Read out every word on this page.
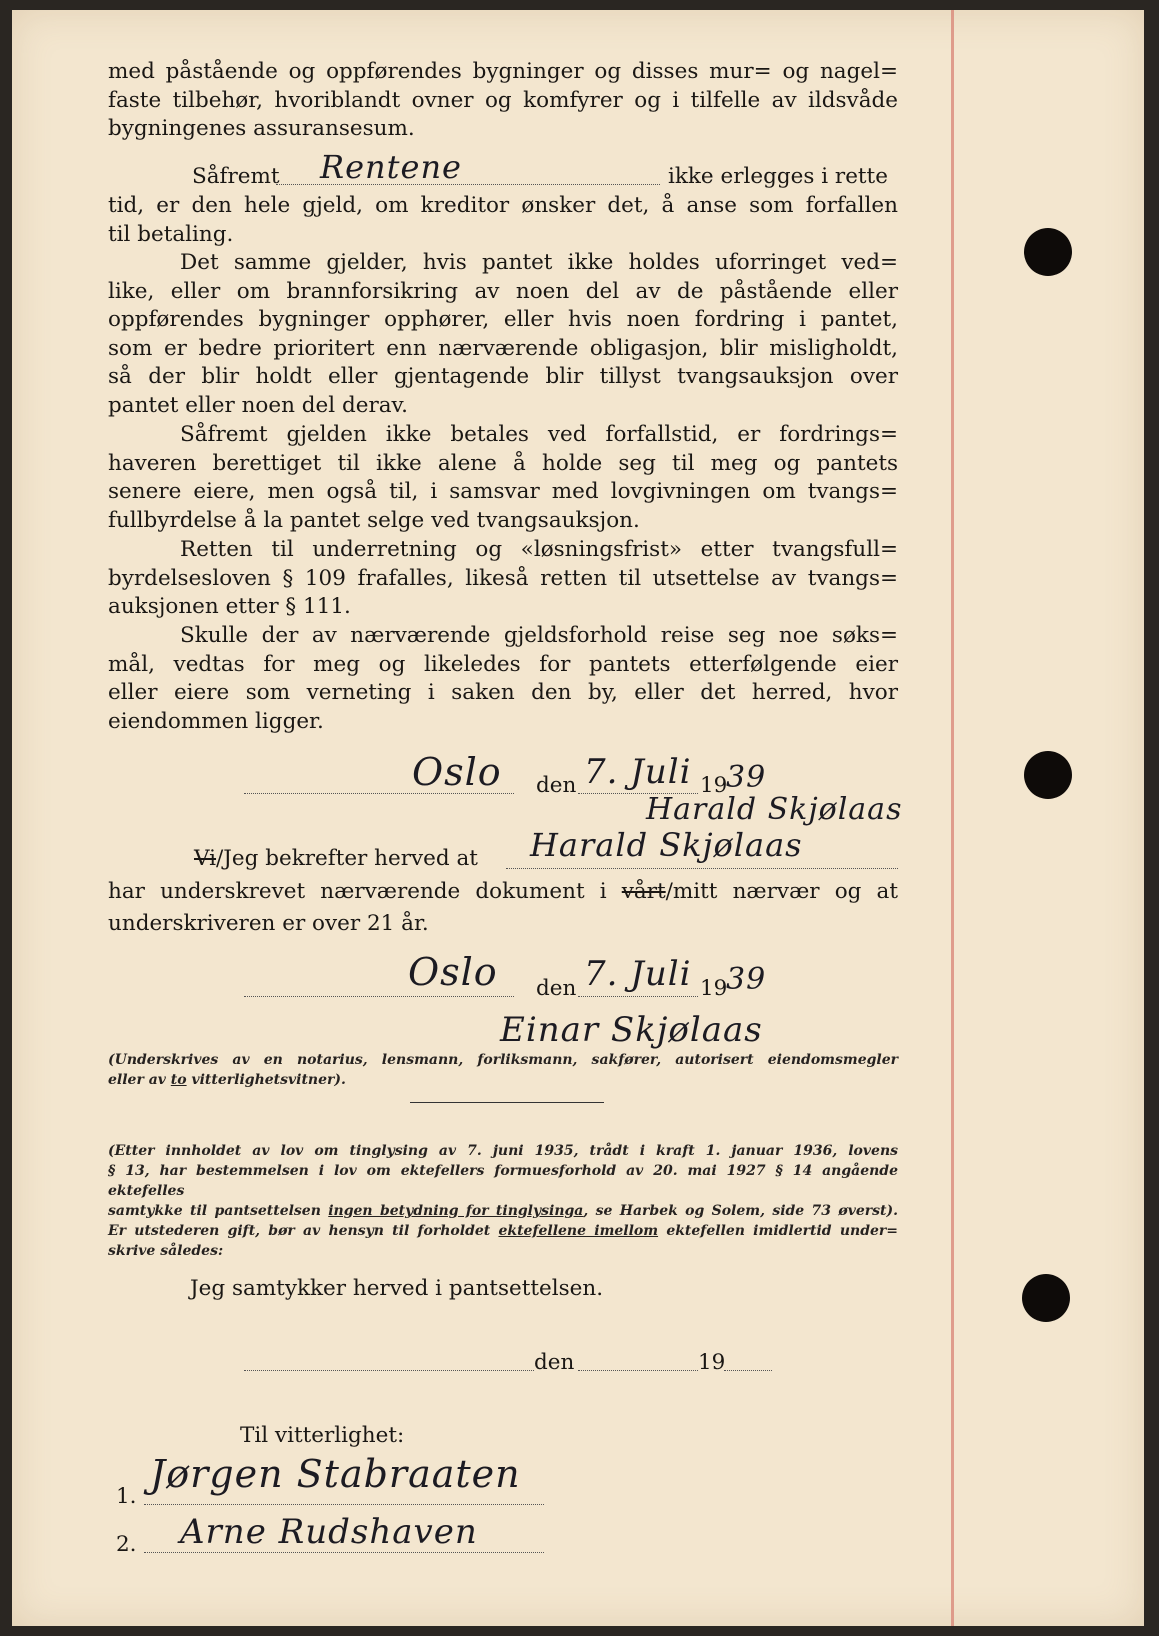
med påstående og oppførendes bygninger og disses mur= og nagel=

faste tilbehør, hvoriblandt ovner og komfyrer og i tilfelle av ildsvåde

bygningenes assuransesum.

Såfremt Rentene	ikke erlegges i rette

tid, er den hele gjeld, om kreditor ønsker det, å anse som forfallen

til betaling.

Det samme gjelder, hvis pantet ikke holdes uforringet ved=

like, eller om brannforsikring av noen del av de påstående eller

oppførendes bygninger opphører, eller hvis noen fordring i pantet,

som er bedre prioritert enn nærværende obligasjon, blir misligholdt,

så der blir holdt eller gjentagende blir tillyst tvangsauksjon over

pantet eller noen del derav.

Såfremt gjelden ikke betales ved forfallstid, er fordrings=

haveren berettiget til ikke alene å holde seg til meg og pantets

senere eiere, men også til, i samsvar med lovgivningen om tvangs=

fullbyrdelse å la pantet selge ved tvangsauksjon.

Retten til underretning og «løsningsfrist» etter tvangsfull=

byrdelsesloven § 109 frafalles, likeså retten til utsettelse av tvangs=

auksjonen etter § 111.

Skulle der av nærværende gjeldsforhold reise seg noe søks=

mål, vedtas for meg og likeledes for pantets etterfølgende eier

eller eiere som verneting i saken den by, eller det herred, hvor

eiendommen ligger.

Oslo den 7. Juli 19
39
Harald Skjølaas
Vi/Jeg bekrefter herved at Harald Skjølaas

har underskrevet nærværende dokument i vårt/mitt nærvær og at

underskriveren er over 21 år.

Oslo den 7. Juli 19
39
Einar Skjølaas

(Underskrives av en notarius, lensmann, forliksmann, sakfører, autorisert eiendomsmegler

eller av to vitterlighetsvitner).

(Etter innholdet av lov om tinglysing av 7. juni 1935, trådt i kraft 1. januar 1936, lovens

§ 13, har bestemmelsen i lov om ektefellers formuesforhold av 20. mai 1927 § 14 angående ektefelles

samtykke til pantsettelsen ingen betydning for tinglysinga, se Harbek og Solem, side 73 øverst).

Er utstederen gift, bør av hensyn til forholdet ektefellene imellom ektefellen imidlertid under=

skrive således:

Jeg samtykker herved i pantsettelsen.
den	19
Til vitterlighet:
1.
Jørgen Stabraaten
2. Arne Rudshaven
